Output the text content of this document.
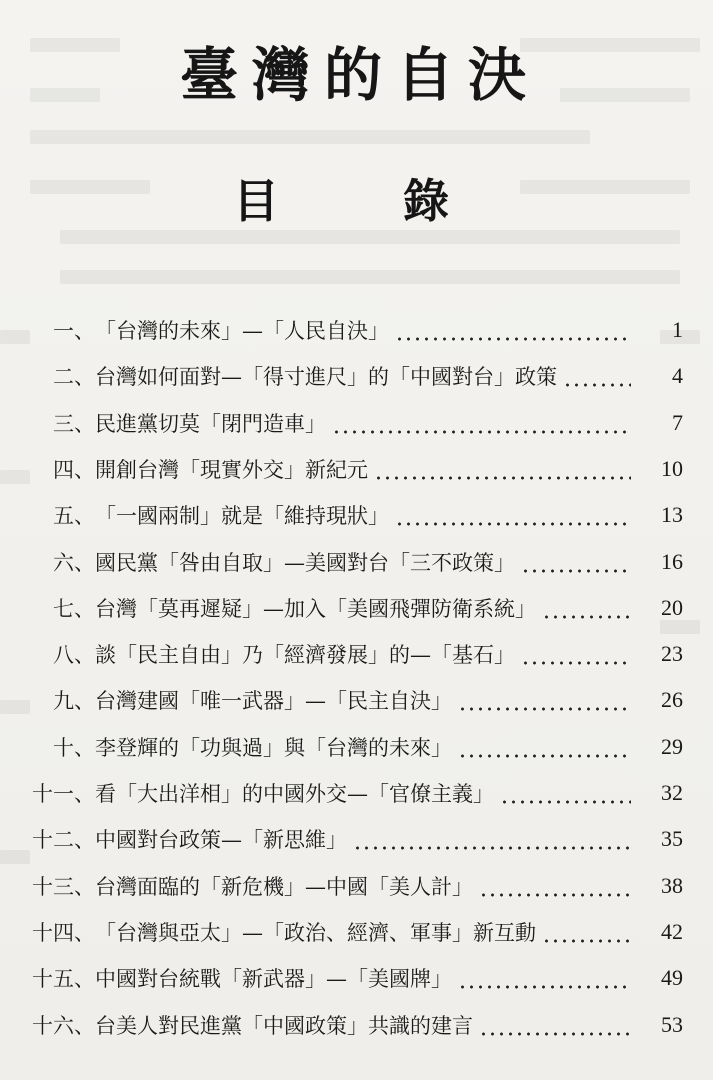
臺灣的自決
目	錄
一、 「台灣的未來」—「人民自決」	1
二、 台灣如何面對—「得寸進尺」的「中國對台」政策	4
三、 民進黨切莫「閉門造車」	7
四、 開創台灣「現實外交」新紀元	10
五、 「一國兩制」就是「維持現狀」	13
六、 國民黨「咎由自取」—美國對台「三不政策」	16
七、 台灣「莫再遲疑」—加入「美國飛彈防衛系統」	20
八、 談「民主自由」乃「經濟發展」的—「基石」	23
九、 台灣建國「唯一武器」—「民主自決」	26
十、 李登輝的「功與過」與「台灣的未來」	29
十一、 看「大出洋相」的中國外交—「官僚主義」	32
十二、 中國對台政策—「新思維」	35
十三、 台灣面臨的「新危機」—中國「美人計」	38
十四、 「台灣與亞太」—「政治、經濟、軍事」新互動	42
十五、 中國對台統戰「新武器」—「美國牌」	49
十六、 台美人對民進黨「中國政策」共識的建言	53
